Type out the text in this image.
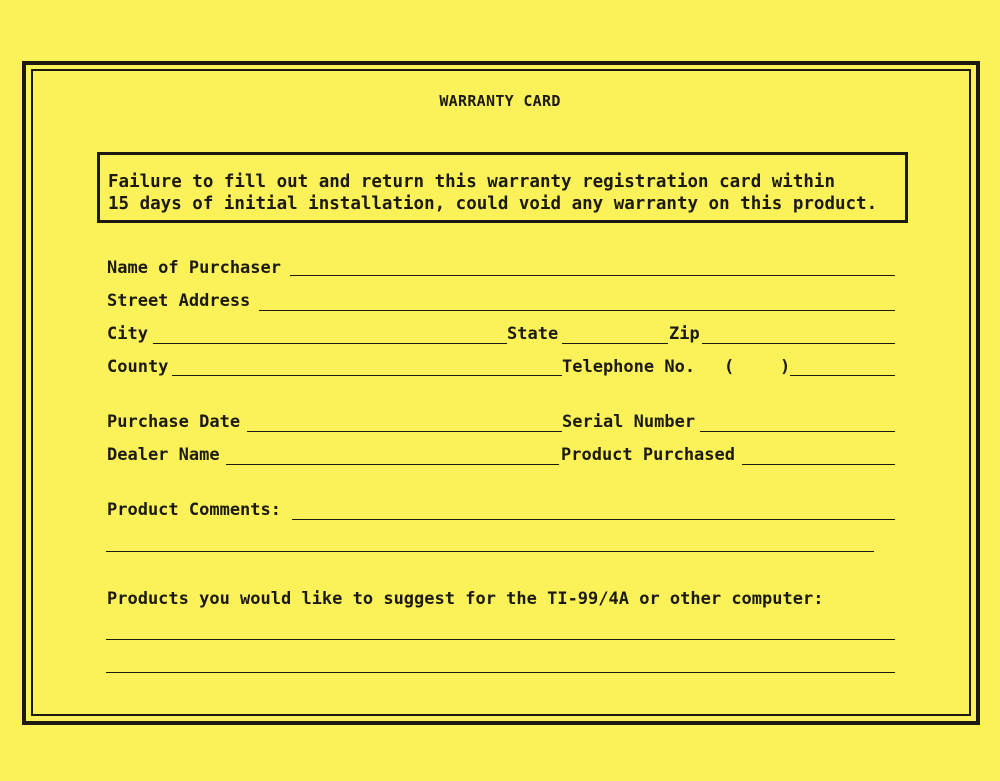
WARRANTY CARD
Failure to fill out and return this warranty registration card within
15 days of initial installation, could void any warranty on this product.
Name of Purchaser
Street Address
City	State	Zip
County	Telephone No. (	)
Purchase Date	Serial Number
Dealer Name	Product Purchased
Product Comments:
Products you would like to suggest for the TI-99/4A or other computer:
